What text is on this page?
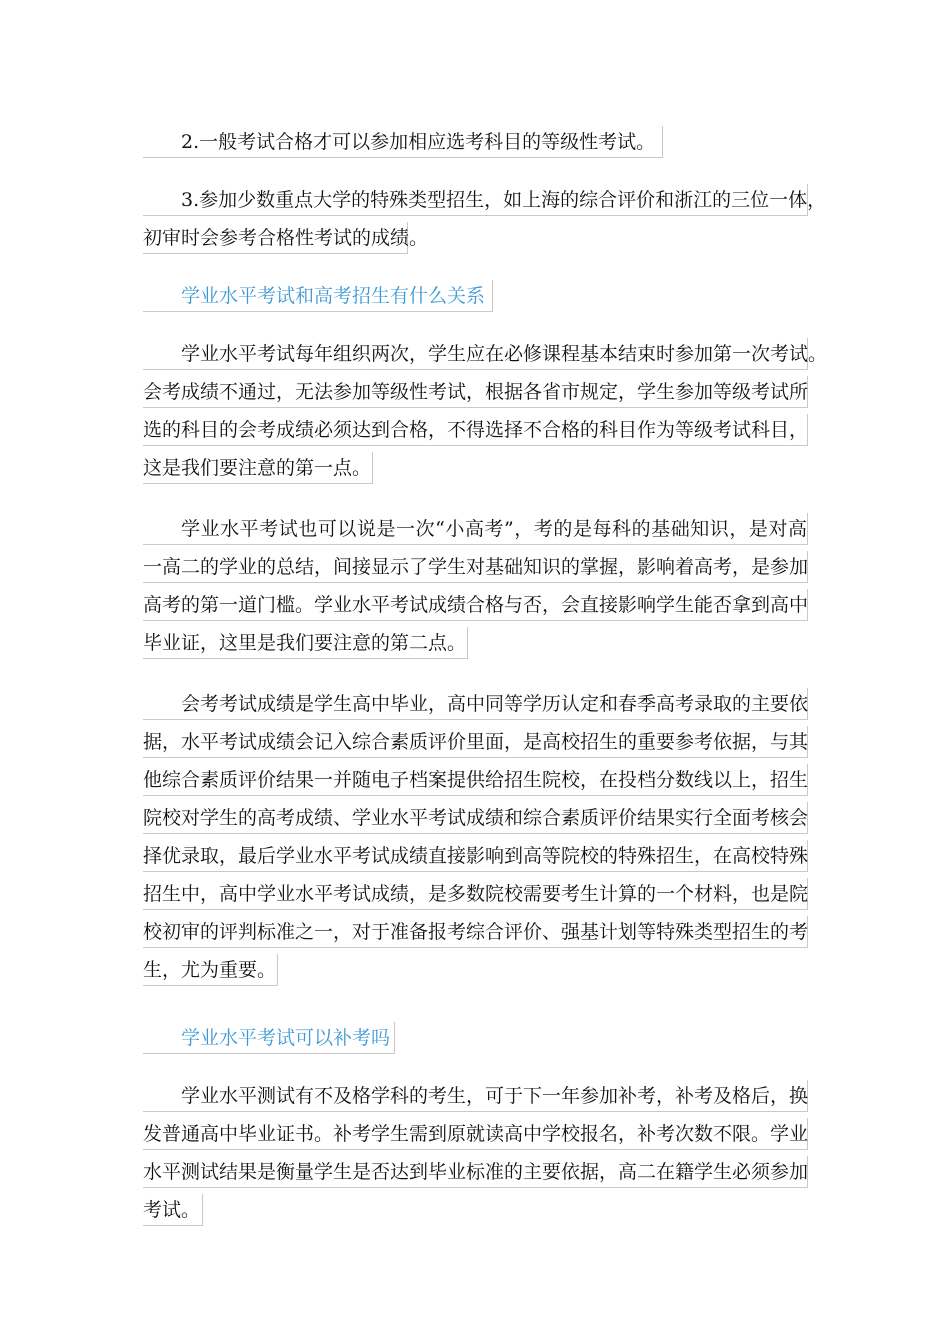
2.一般考试合格才可以参加相应选考科目的等级性考试。
3.参加少数重点大学的特殊类型招生，如上海的综合评价和浙江的三位一体，
初审时会参考合格性考试的成绩。
学业水平考试和高考招生有什么关系
学业水平考试每年组织两次，学生应在必修课程基本结束时参加第一次考试。
会考成绩不通过，无法参加等级性考试，根据各省市规定，学生参加等级考试所
选的科目的会考成绩必须达到合格，不得选择不合格的科目作为等级考试科目，
这是我们要注意的第一点。
学业水平考试也可以说是一次“小高考”，考的是每科的基础知识，是对高
一高二的学业的总结，间接显示了学生对基础知识的掌握，影响着高考，是参加
高考的第一道门槛。学业水平考试成绩合格与否，会直接影响学生能否拿到高中
毕业证，这里是我们要注意的第二点。
会考考试成绩是学生高中毕业，高中同等学历认定和春季高考录取的主要依
据，水平考试成绩会记入综合素质评价里面，是高校招生的重要参考依据，与其
他综合素质评价结果一并随电子档案提供给招生院校，在投档分数线以上，招生
院校对学生的高考成绩、学业水平考试成绩和综合素质评价结果实行全面考核会
择优录取，最后学业水平考试成绩直接影响到高等院校的特殊招生，在高校特殊
招生中，高中学业水平考试成绩，是多数院校需要考生计算的一个材料，也是院
校初审的评判标准之一，对于准备报考综合评价、强基计划等特殊类型招生的考
生，尤为重要。
学业水平考试可以补考吗
学业水平测试有不及格学科的考生，可于下一年参加补考，补考及格后，换
发普通高中毕业证书。补考学生需到原就读高中学校报名，补考次数不限。学业
水平测试结果是衡量学生是否达到毕业标准的主要依据，高二在籍学生必须参加
考试。
